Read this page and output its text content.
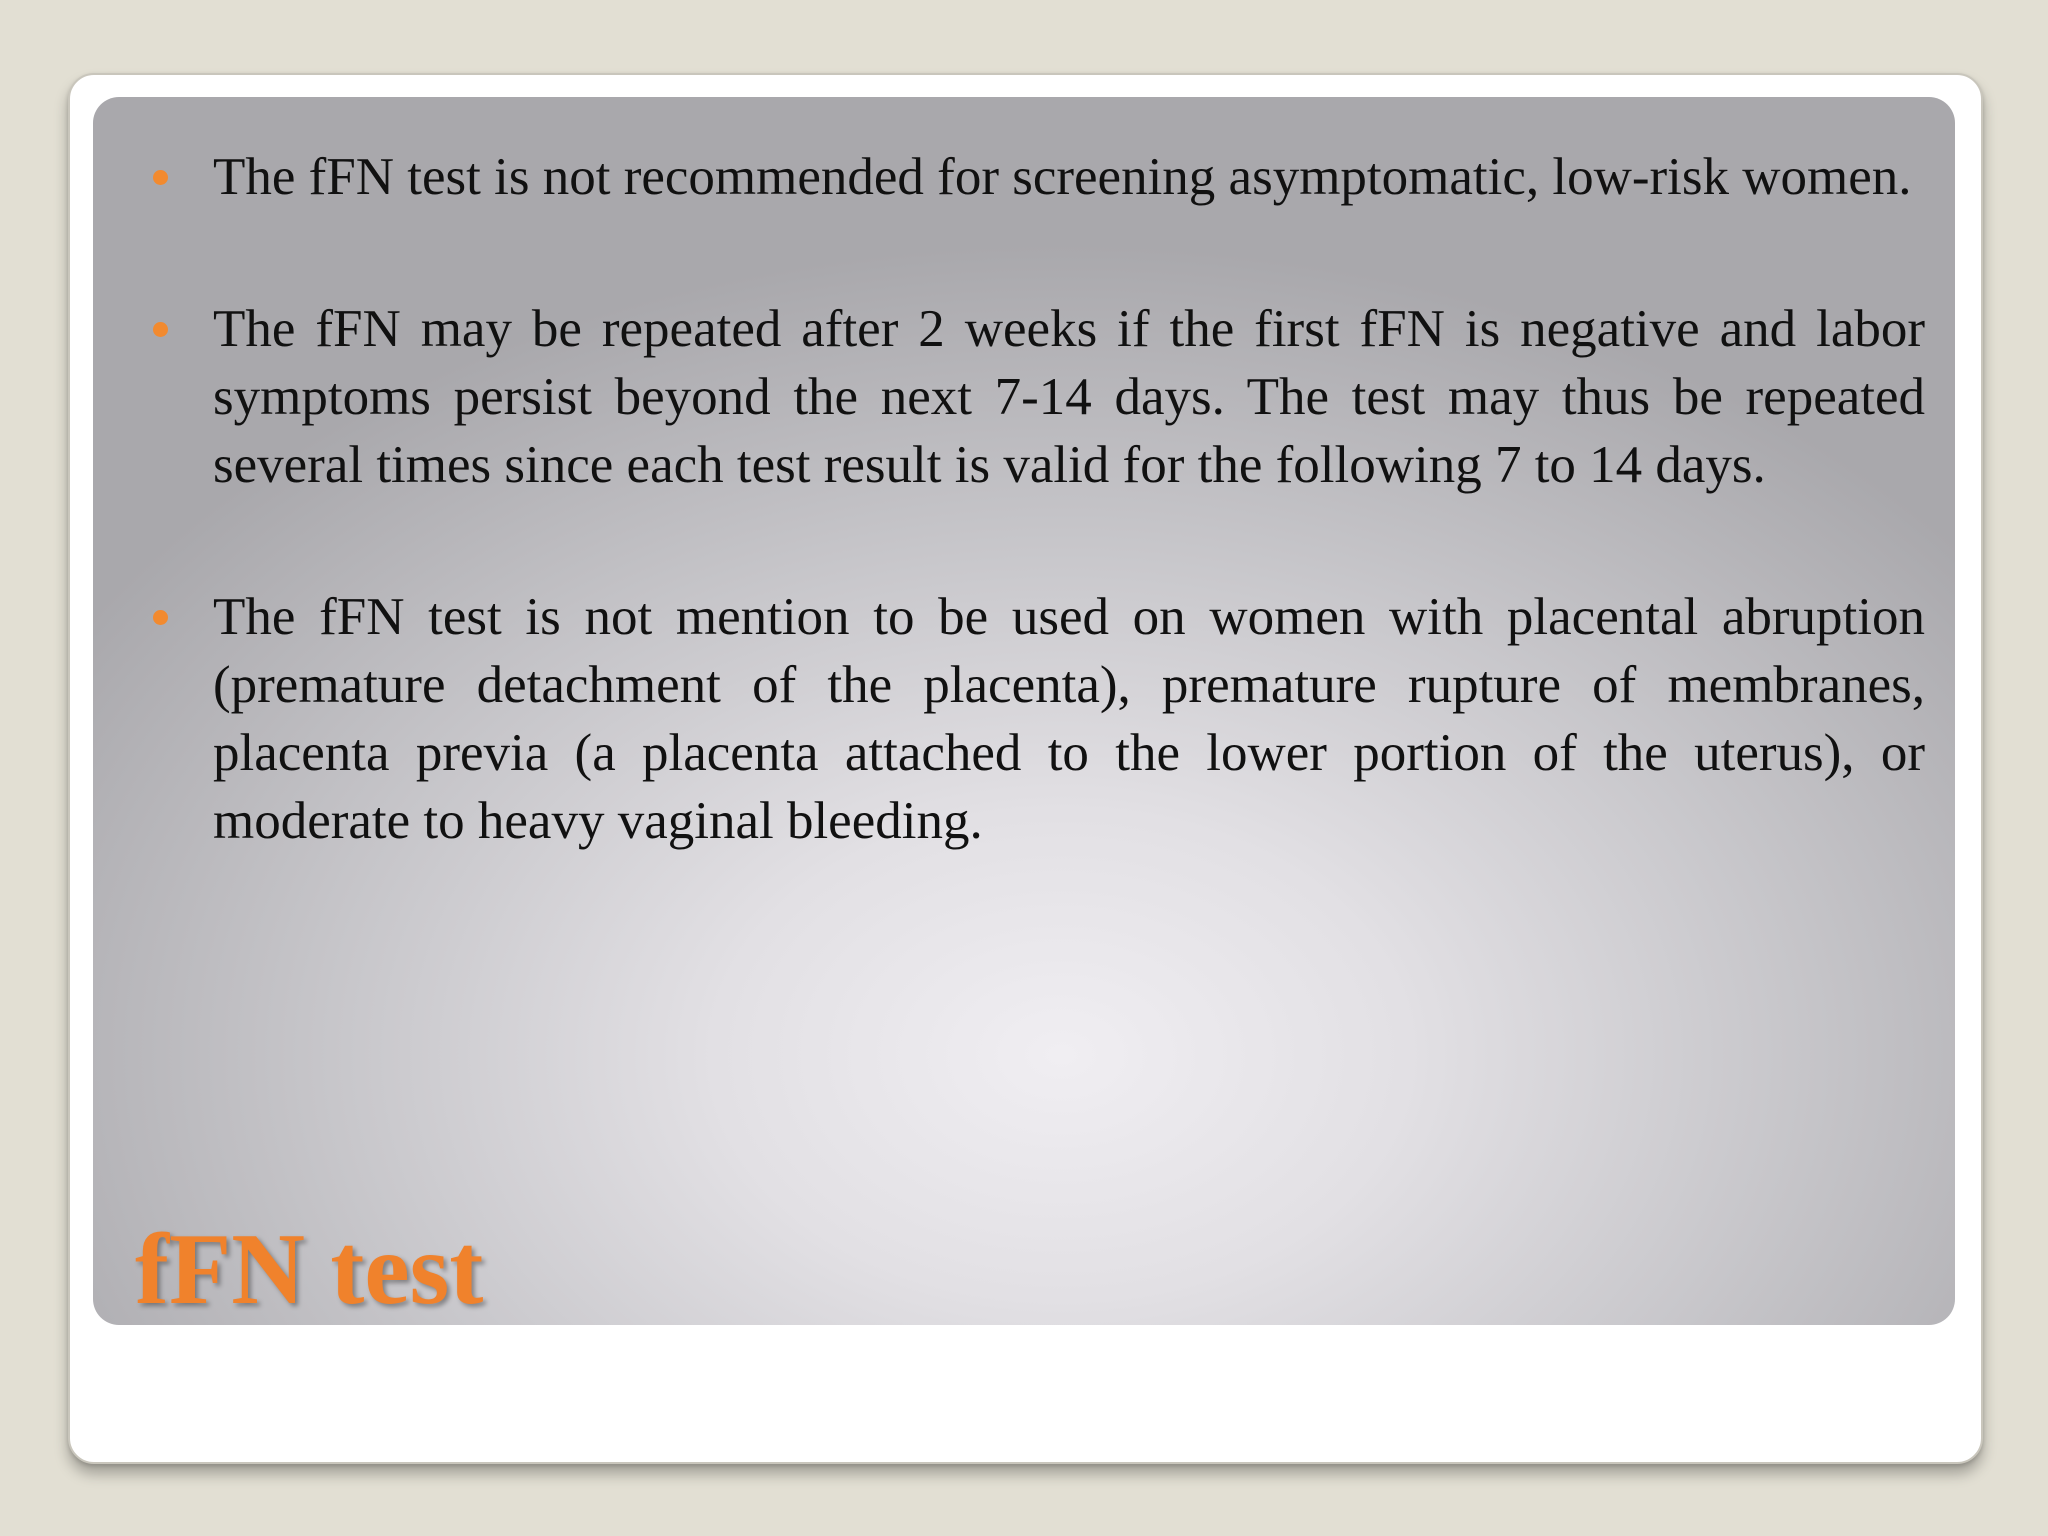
The fFN test is not recommended for screening asymptomatic, low-risk women.
The fFN may be repeated after 2 weeks if the first fFN is negative and labor symptoms persist beyond the next 7-14 days. The test may thus be repeated several times since each test result is valid for the following 7 to 14 days.
The fFN test is not mention to be used on women with placental abruption (premature detachment of the placenta), premature rupture of membranes, placenta previa (a placenta attached to the lower portion of the uterus), or moderate to heavy vaginal bleeding.
fFN test
